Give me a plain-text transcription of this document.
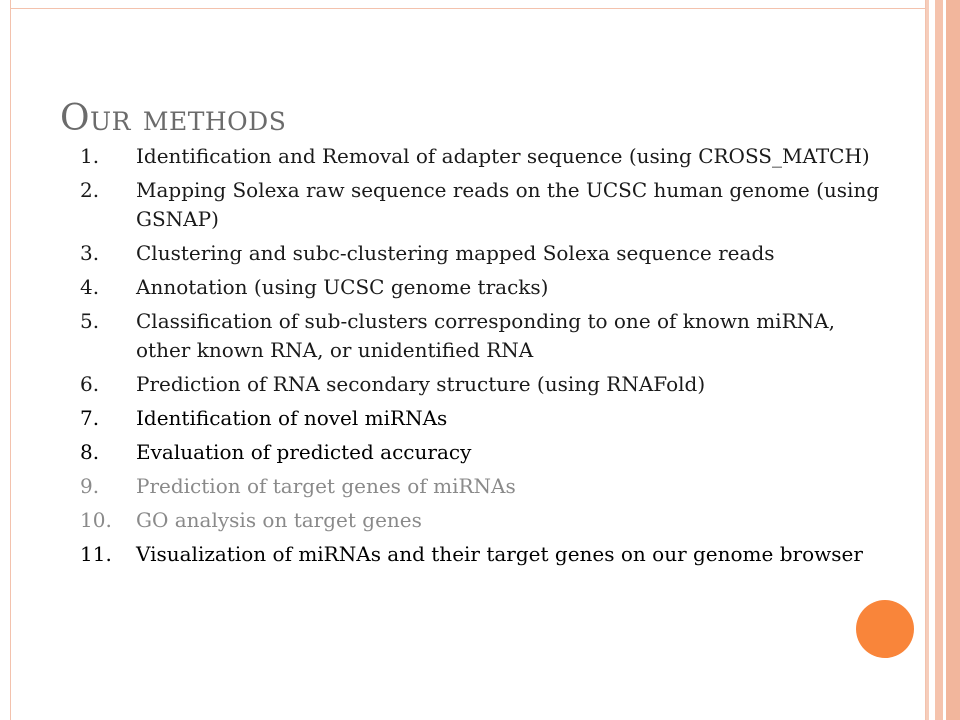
Our methods
1.	Identification and Removal of adapter sequence (using CROSS_MATCH)
2.	Mapping Solexa raw sequence reads on the UCSC human genome (using GSNAP)
3.	Clustering and subc-clustering mapped Solexa sequence reads
4.	Annotation (using UCSC genome tracks)
5.	Classification of sub-clusters corresponding to one of known miRNA, other known RNA, or unidentified RNA
6.	Prediction of RNA secondary structure (using RNAFold)
7.	Identification of novel miRNAs
8.	Evaluation of predicted accuracy
9.	Prediction of target genes of miRNAs
10.	GO analysis on target genes
11.	Visualization of miRNAs and their target genes on our genome browser
